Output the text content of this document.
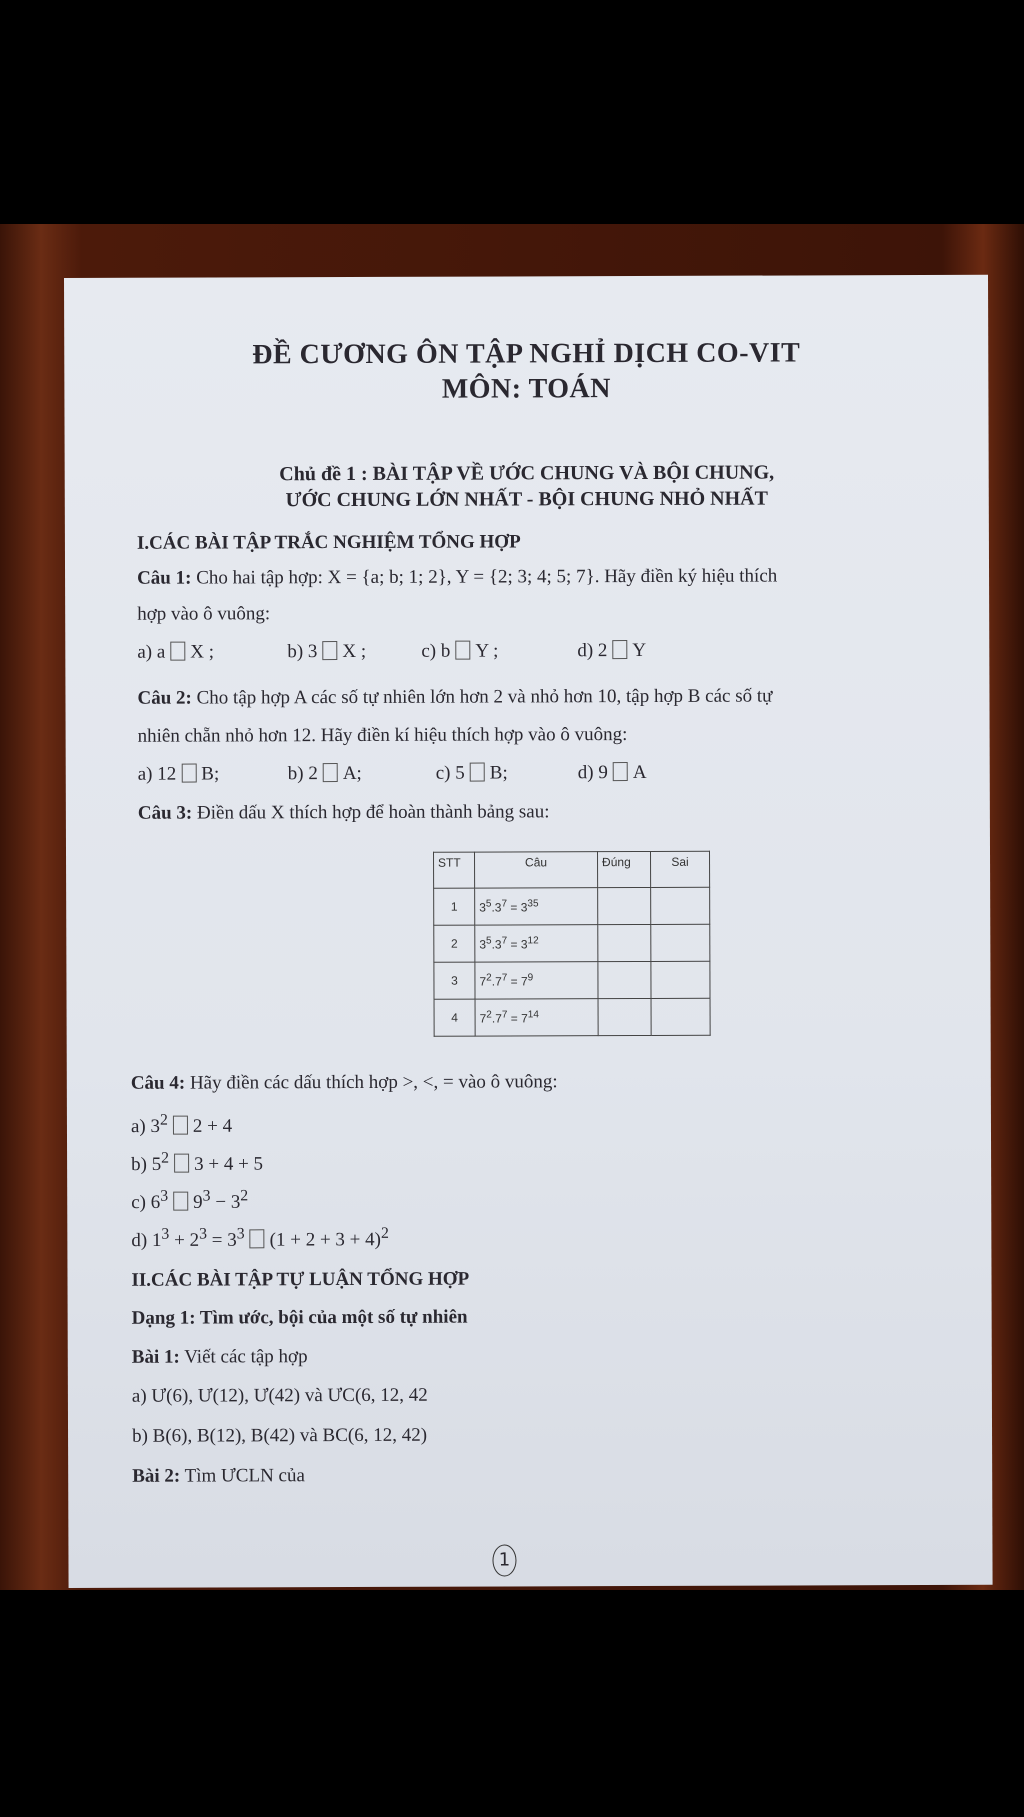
ĐỀ CƯƠNG ÔN TẬP NGHỈ DỊCH CO-VIT
MÔN: TOÁN
Chủ đề 1 : BÀI TẬP VỀ ƯỚC CHUNG VÀ BỘI CHUNG,
ƯỚC CHUNG LỚN NHẤT - BỘI CHUNG NHỎ NHẤT
I.CÁC BÀI TẬP TRẮC NGHIỆM TỔNG HỢP
Câu 1: Cho hai tập hợp: X = {a; b; 1; 2}, Y = {2; 3; 4; 5; 7}. Hãy điền ký hiệu thích
hợp vào ô vuông:
a) a X ;	b) 3 X ;	c) b Y ;	d) 2 Y
Câu 2: Cho tập hợp A các số tự nhiên lớn hơn 2 và nhỏ hơn 10, tập hợp B các số tự
nhiên chẵn nhỏ hơn 12. Hãy điền kí hiệu thích hợp vào ô vuông:
a) 12 B;	b) 2 A;	c) 5 B;	d) 9 A
Câu 3: Điền dấu X thích hợp để hoàn thành bảng sau:
STT	Câu	Đúng	Sai
1	$3^5.3^7 = 3^{35}$		
2	$3^5.3^7 = 3^{12}$		
3	$7^2.7^7 = 7^9$		
4	$7^2.7^7 = 7^{14}$		
Câu 4: Hãy điền các dấu thích hợp >, <, = vào ô vuông:
a) $3^2$ 2 + 4
b) $5^2$ 3 + 4 + 5
c) $6^3$ $9^3 - 3^2$
d) $1^3 + 2^3 = 3^3$ $(1 + 2 + 3 + 4)^2$
II.CÁC BÀI TẬP TỰ LUẬN TỔNG HỢP
Dạng 1: Tìm ước, bội của một số tự nhiên
Bài 1: Viết các tập hợp
a) Ư(6), Ư(12), Ư(42) và ƯC(6, 12, 42
b) B(6), B(12), B(42) và BC(6, 12, 42)
Bài 2: Tìm ƯCLN của
1
